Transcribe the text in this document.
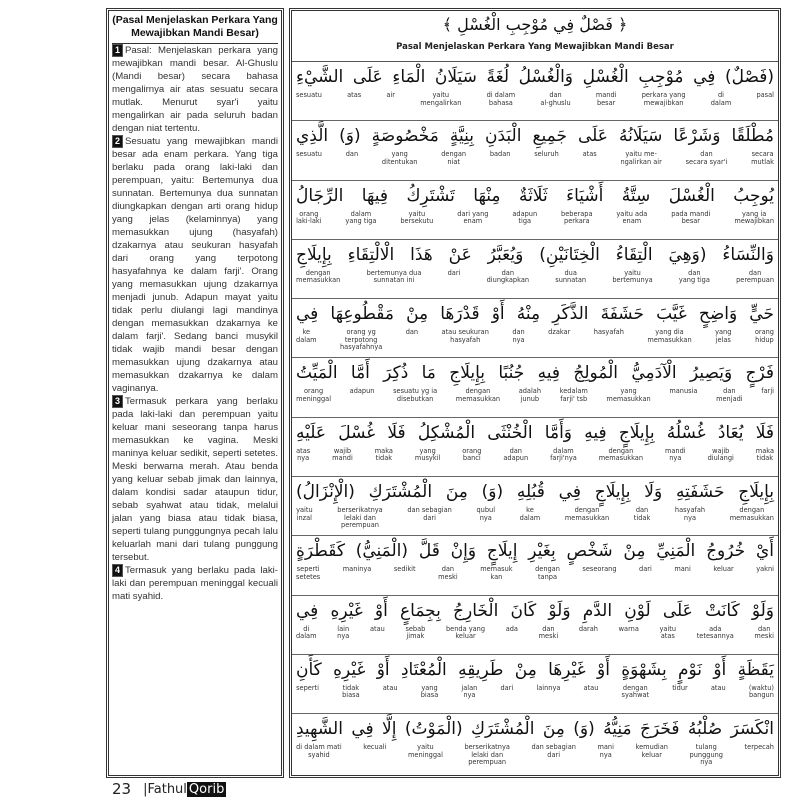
(Pasal Menjelaskan Perkara Yang Mewajibkan Mandi Besar)

1 Pasal: Menjelaskan perkara yang mewajibkan mandi besar. Al-Ghuslu (Mandi besar) secara bahasa mengalirnya air atas sesuatu secara mutlak. Menurut syar'i yaitu mengalirkan air pada seluruh badan dengan niat tertentu.

2 Sesuatu yang mewajibkan mandi besar ada enam perkara. Yang tiga berlaku pada orang laki-laki dan perempuan, yaitu: Bertemunya dua sunnatan. Bertemunya dua sunnatan diungkapkan dengan arti orang hidup yang jelas (kelaminnya) yang memasukkan ujung (hasyafah) dzakarnya atau seukuran hasyafah dari orang yang terpotong hasyafahnya ke dalam farji'. Orang yang memasukkan ujung dzakarnya menjadi junub. Adapun mayat yaitu tidak perlu diulangi lagi mandinya dengan memasukkan dzakarnya ke dalam farji'. Sedang banci musykil tidak wajib mandi besar dengan memasukkan ujung dzakarnya atau memasukkan dzakarnya ke dalam vaginanya.

3 Termasuk perkara yang berlaku pada laki-laki dan perempuan yaitu keluar mani seseorang tanpa harus memasukkan ke vagina. Meski maninya keluar sedikit, seperti setetes. Meski berwarna merah. Atau benda yang keluar sebab jimak dan lainnya, dalam kondisi sadar ataupun tidur, sebab syahwat atau tidak, melalui jalan yang biasa atau tidak biasa, seperti tulang punggungnya pecah lalu keluarlah mani dari tulang punggung tersebut.

4 Termasuk yang berlaku pada laki-laki dan perempuan meninggal kecuali mati syahid.

﴿ فَصْلٌ فِي مُوْجِبِ الْغُسْلِ ﴾
Pasal Menjelaskan Perkara Yang Mewajibkan Mandi Besar
(فَصْلٌ) فِي مُوْجِبِ الْغُسْلِ وَالْغُسْلُ لُغَةً سَيَلَانُ الْمَاءِ عَلَى الشَّيْءِ
pasal
di
dalam
perkara yang
mewajibkan
mandi
besar
dan
al-ghuslu
di dalam
bahasa
yaitu
mengalirkan
air
atas
sesuatu
مُطْلَقًا وَشَرْعًا سَيَلَانُهُ عَلَى جَمِيعِ الْبَدَنِ بِنِيَّةٍ مَخْصُوصَةٍ (وَ) الَّذِي
secara
mutlak
dan
secara syar'i
yaitu me-
ngalirkan air
atas
seluruh
badan
dengan
niat
yang
ditentukan
dan
sesuatu
يُوجِبُ الْغُسْلَ سِتَّةُ أَشْيَاءَ ثَلَاثَةٌ مِنْهَا تَشْتَرِكُ فِيهَا الرِّجَالُ
yang ia
mewajibkan
pada mandi
besar
yaitu ada
enam
beberapa
perkara
adapun
tiga
dari yang
enam
yaitu
bersekutu
dalam
yang tiga
orang
laki-laki
وَالنِّسَاءُ (وَهِيَ الْتِقَاءُ الْخِتَانَيْنِ) وَيُعَبَّرُ عَنْ هَذَا الْالْتِقَاءِ بِإِيلَاجِ
dan
perempuan
dan
yang tiga
yaitu
bertemunya
dua
sunnatan
dan
diungkapkan
dari
bertemunya dua
sunnatan ini
dengan
memasukkan
حَيٍّ وَاضِحٍ غَيَّبَ حَشَفَةَ الذَّكَرِ مِنْهُ أَوْ قَدْرَهَا مِنْ مَقْطُوعِهَا فِي
orang
hidup
yang
jelas
yang dia
memasukkan
hasyafah
dzakar
dan
nya
atau seukuran
hasyafah
dan
orang yg
terpotong
hasyafahnya
ke
dalam
فَرْجٍ وَيَصِيرُ الْآدَمِيُّ الْمُولِجُ فِيهِ جُنُبًا بِإِيلَاجِ مَا ذُكِرَ أَمَّا الْمَيِّتُ
farji
dan
menjadi
manusia
yang
memasukkan
kedalam
farji' tsb
adalah
junub
dengan
memasukkan
sesuatu yg ia
disebutkan
adapun
orang
meninggal
فَلَا يُعَادُ غُسْلُهُ بِإِيلَاجٍ فِيهِ وَأَمَّا الْخُنْثَى الْمُشْكِلُ فَلَا غُسْلَ عَلَيْهِ
maka
tidak
wajib
diulangi
mandi
nya
dengan
memasukkan
dalam
farji'nya
dan
adapun
orang
banci
yang
musykil
maka
tidak
wajib
mandi
atas
nya
بِإِيلَاجِ حَشَفَتِهِ وَلَا بِإِيلَاجٍ فِي قُبُلِهِ (وَ) مِنَ الْمُشْتَرَكِ (الْإِنْزَالُ)
dengan
memasukkan
hasyafah
nya
dan
tidak
dengan
memasukkan
ke
dalam
qubul
nya
dan sebagian
dari
berserikatnya
lelaki dan
perempuan
yaitu
inzal
أَيْ خُرُوجُ الْمَنِيِّ مِنْ شَخْصٍ بِغَيْرِ إِيلَاجٍ وَإِنْ قَلَّ (الْمَنِيُّ) كَقَطْرَةٍ
yakni
keluar
mani
dari
seseorang
dengan
tanpa
memasuk
kan
dan
meski
sedikit
maninya
seperti
setetes
وَلَوْ كَانَتْ عَلَى لَوْنِ الدَّمِ وَلَوْ كَانَ الْخَارِجُ بِجِمَاعٍ أَوْ غَيْرِهِ فِي
dan
meski
ada
tetesannya
yaitu
atas
warna
darah
dan
meski
ada
benda yang
keluar
sebab
jimak
atau
lain
nya
di
dalam
يَقَظَةٍ أَوْ نَوْمٍ بِشَهْوَةٍ أَوْ غَيْرِهَا مِنْ طَرِيقِهِ الْمُعْتَادِ أَوْ غَيْرِهِ كَأَنِ
(waktu)
bangun
atau
tidur
dengan
syahwat
atau
lainnya
dari
jalan
nya
yang
biasa
atau
tidak
biasa
seperti
انْكَسَرَ صُلْبُهُ فَخَرَجَ مَنِيُّهُ (وَ) مِنَ الْمُشْتَرَكِ (الْمَوْتُ) إِلَّا فِي الشَّهِيدِ
terpecah
tulang
punggung
nya
kemudian
keluar
mani
nya
dan sebagian
dari
berserikatnya
lelaki dan
perempuan
yaitu
meninggal
kecuali
di dalam mati
syahid
23 |Fathul Qorib
